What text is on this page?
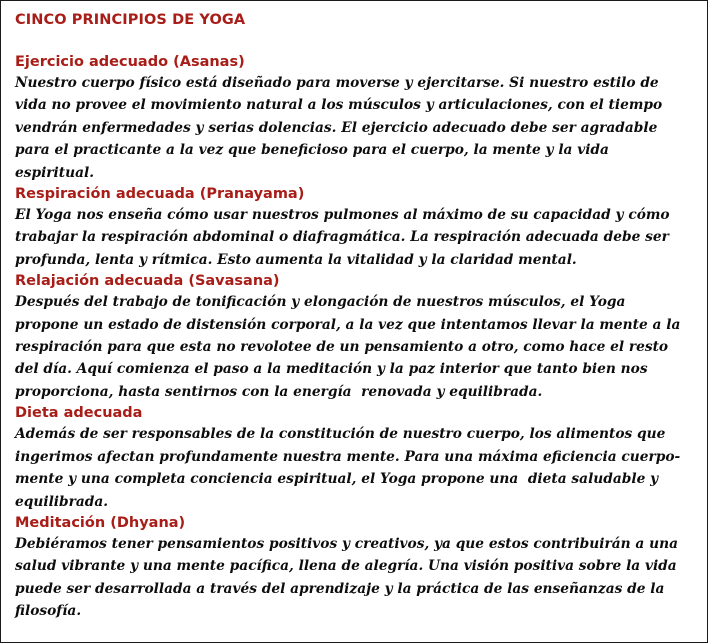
CINCO PRINCIPIOS DE YOGA
Ejercicio adecuado (Asanas)

Nuestro cuerpo físico está diseñado para moverse y ejercitarse. Si nuestro estilo de vida no provee el movimiento natural a los músculos y articulaciones, con el tiempo vendrán enfermedades y serias dolencias. El ejercicio adecuado debe ser agradable para el practicante a la vez que beneficioso para el cuerpo, la mente y la vida espiritual.

Respiración adecuada (Pranayama)

El Yoga nos enseña cómo usar nuestros pulmones al máximo de su capacidad y cómo trabajar la respiración abdominal o diafragmática. La respiración adecuada debe ser profunda, lenta y rítmica. Esto aumenta la vitalidad y la claridad mental.

Relajación adecuada (Savasana)

Después del trabajo de tonificación y elongación de nuestros músculos, el Yoga propone un estado de distensión corporal, a la vez que intentamos llevar la mente a la respiración para que esta no revolotee de un pensamiento a otro, como hace el resto del día. Aquí comienza el paso a la meditación y la paz interior que tanto bien nos proporciona, hasta sentirnos con la energía  renovada y equilibrada.

Dieta adecuada

Además de ser responsables de la constitución de nuestro cuerpo, los alimentos que ingerimos afectan profundamente nuestra mente. Para una máxima eficiencia cuerpo-mente y una completa conciencia espiritual, el Yoga propone una  dieta saludable y equilibrada.

Meditación (Dhyana)

Debiéramos tener pensamientos positivos y creativos, ya que estos contribuirán a una salud vibrante y una mente pacífica, llena de alegría. Una visión positiva sobre la vida puede ser desarrollada a través del aprendizaje y la práctica de las enseñanzas de la filosofía.
